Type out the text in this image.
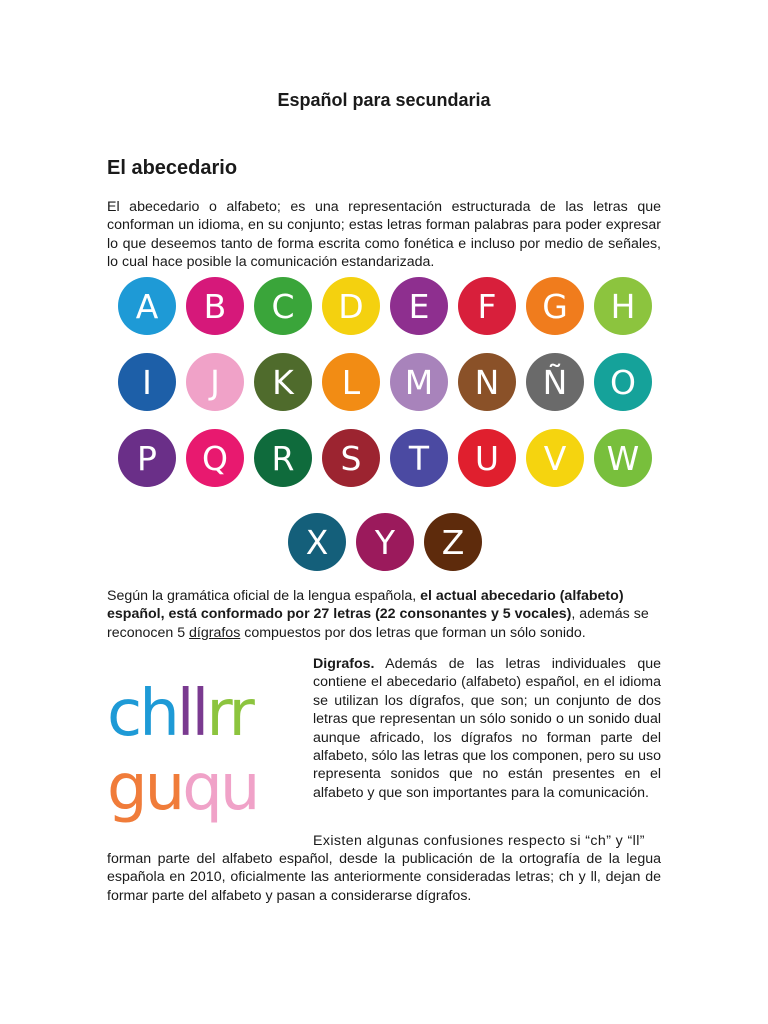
Español para secundaria
El abecedario

El abecedario o alfabeto; es una representación estructurada de las letras que conforman un idioma, en su conjunto; estas letras forman palabras para poder expresar lo que deseemos tanto de forma escrita como fonética e incluso por medio de señales, lo cual hace posible la comunicación estandarizada.

A	B	C	D	E	F	G	H
I	J	K	L	M	N	Ñ	O
P	Q	R	S	T	U	V	W
X	Y	Z

Según la gramática oficial de la lengua española, el actual abecedario (alfabeto) español, está conformado por 27 letras (22 consonantes y 5 vocales), además se reconocen 5 dígrafos compuestos por dos letras que forman un sólo sonido.

chllrr
guqu

Digrafos. Además de las letras individuales que contiene el abecedario (alfabeto) español, en el idioma se utilizan los dígrafos, que son; un conjunto de dos letras que representan un sólo sonido o un sonido dual aunque africado, los dígrafos no forman parte del alfabeto, sólo las letras que los componen, pero su uso representa sonidos que no están presentes en el alfabeto y que son importantes para la comunicación.

Existen algunas confusiones respecto si “ch” y “ll”

forman parte del alfabeto español, desde la publicación de la ortografía de la legua española en 2010, oficialmente las anteriormente consideradas letras; ch y ll, dejan de formar parte del alfabeto y pasan a considerarse dígrafos.
